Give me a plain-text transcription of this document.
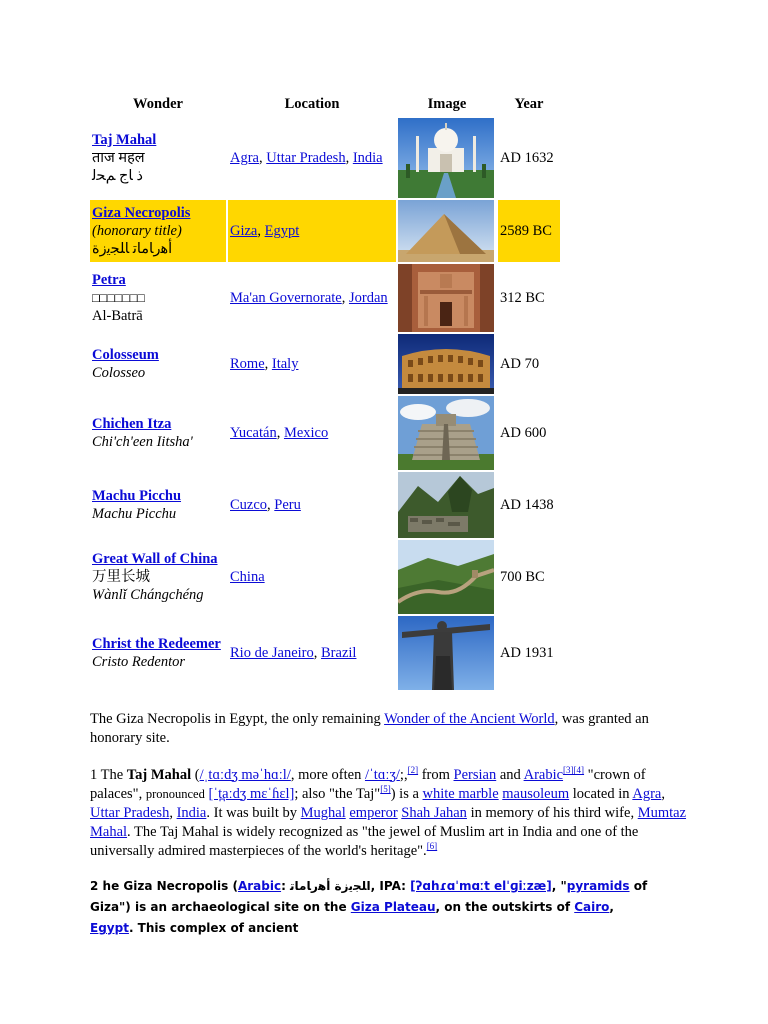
Wonder	Location	Image	Year
Taj Mahal
ताज महल
ﺫ ﺎﺝ ﻢﺤﻟ	Agra, Uttar Pradesh, India		AD 1632
Giza Necropolis
(honorary title)
ﺃﻫﺭﺎﻣﺎﺗ ﺎﻠﺠﻳﺯﺓ	Giza, Egypt		2589 BC
Petra
□□□□□□□
Al-Batrā	Ma'an Governorate, Jordan		312 BC
Colosseum
Colosseo	Rome, Italy		AD 70
Chichen Itza
Chi'ch'een Iitsha'	Yucatán, Mexico		AD 600
Machu Picchu
Machu Picchu	Cuzco, Peru		AD 1438
Great Wall of China
万里长城
Wànlǐ Chángchéng	China		700 BC
Christ the Redeemer
Cristo Redentor	Rio de Janeiro, Brazil		AD 1931

The Giza Necropolis in Egypt, the only remaining Wonder of the Ancient World, was granted an honorary site.

1 The Taj Mahal (/ˌtɑːdʒ məˈhɑːl/, more often /ˈtɑːʒ/;,[2] from Persian and Arabic[3][4] "crown of palaces", pronounced [ˈt̪aːdʒ mɛˈɦɛl]; also "the Taj"[5]) is a white marble mausoleum located in Agra, Uttar Pradesh, India. It was built by Mughal emperor Shah Jahan in memory of his third wife, Mumtaz Mahal. The Taj Mahal is widely recognized as "the jewel of Muslim art in India and one of the universally admired masterpieces of the world's heritage".[6]

2 he Giza Necropolis (Arabic: ﺍﻠﺠﻳﺯﺓ ﺃﻫﺭﺎﻣﺎﺗ, IPA: [ʔɑhɾɑˈmɑːt elˈɡiːzæ], "pyramids of Giza") is an archaeological site on the Giza Plateau, on the outskirts of Cairo, Egypt. This complex of ancient
